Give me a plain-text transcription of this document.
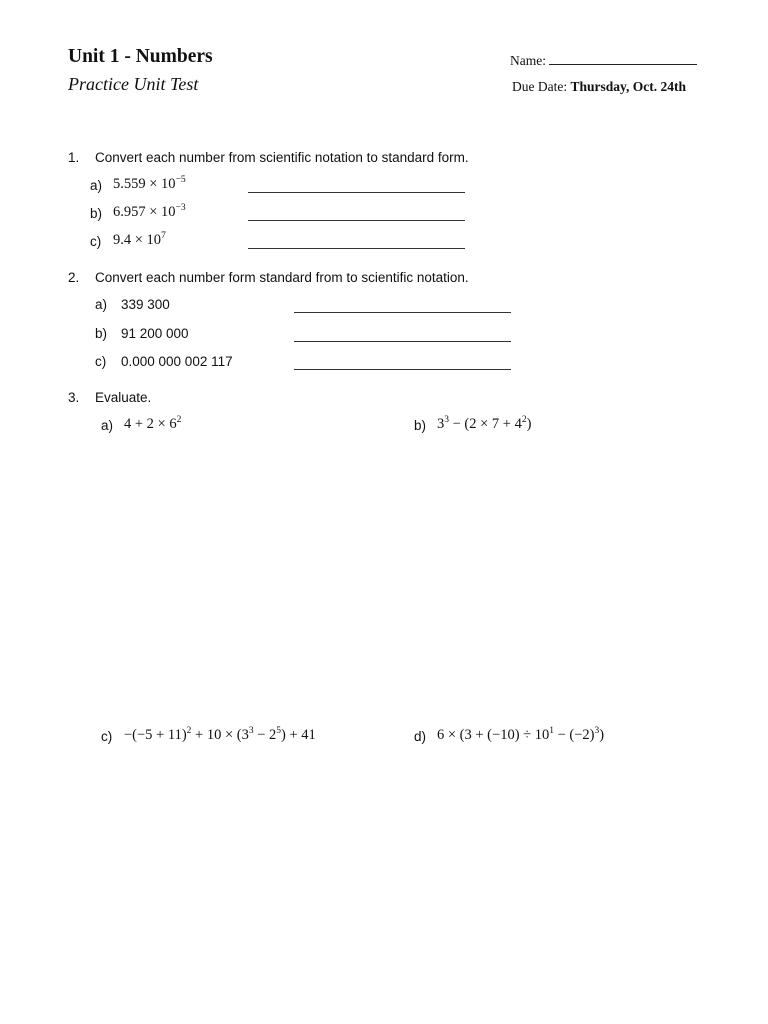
Unit 1 - Numbers
Practice Unit Test
Name:
Due Date: Thursday, Oct. 24th
1. Convert each number from scientific notation to standard form.
a) $5.559 \times 10^{-5}$
b) $6.957 \times 10^{-3}$
c) $9.4 \times 10^7$
2. Convert each number form standard from to scientific notation.
a) 339 300
b) 91 200 000
c) 0.000 000 002 117
3. Evaluate.
a) $4 + 2 \times 6^2$	b) $3^3 - (2 \times 7 + 4^2)$
$c) -(-5 + 11)^2 + 10 \times (3^3 - 2^5) + 41$	d) $6 \times (3 + (-10) \div 10^1 - (-2)^3)$
